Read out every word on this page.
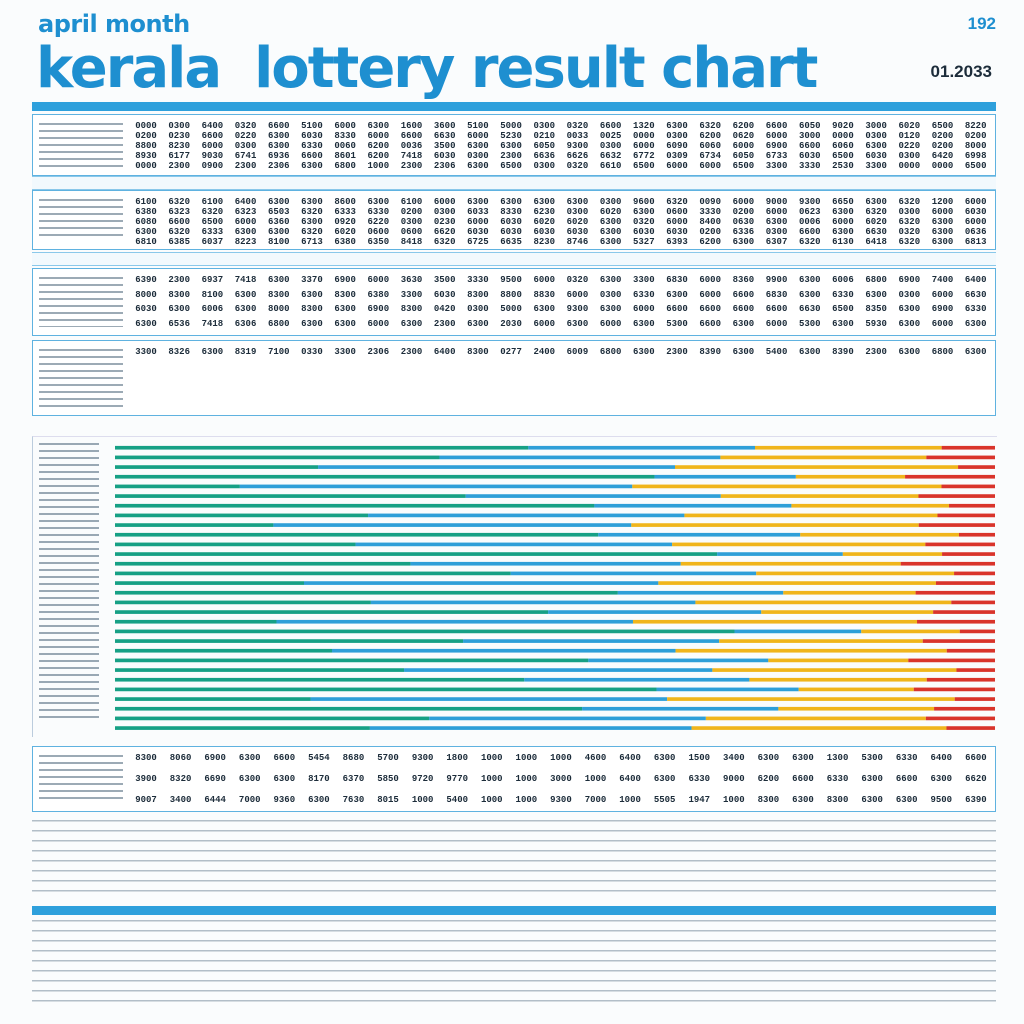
april month
kerala lottery result chart
192
01.2033
0000 0300 6400 0320 6600 5100 6000 6300 1600 3600 5100 5000 0300 0320 6600 1320 6300 6320 6200 6600 6050 9020 3000 6020 6500 8220
0200 0230 6600 0220 6300 6030 8330 6000 6600 6630 6000 5230 0210 0033 0025 0000 0300 6200 0620 6000 3000 0000 0300 0120 0200 0200
8800 8230 6000 0300 6300 6330 0060 6200 0036 3500 6300 6300 6050 9300 0300 6000 6090 6060 6000 6900 6600 6060 6300 0220 0200 8000
8930 6177 9030 6741 6936 6600 8601 6200 7418 6030 0300 2300 6636 6626 6632 6772 0309 6734 6050 6733 6030 6500 6030 0300 6420 6998
0000 2300 0900 2300 2306 6300 6800 1000 2300 2306 6300 6500 0300 0320 6610 6500 6000 6000 6500 3300 3330 2530 3300 0000 0000 6500
6100 6320 6100 6400 6300 6300 8600 6300 6100 6000 6300 6300 6300 6300 0300 9600 6320 0090 6000 9000 9300 6650 6300 6320 1200 6000
6380 6323 6320 6323 6503 6320 6333 6330 0200 0300 6033 8330 6230 0300 6020 6300 0600 3330 0200 6000 0623 6300 6320 0300 6000 6030
6080 6600 6500 6000 6360 6300 0920 6220 0300 0230 6000 6030 6020 6020 6300 0320 6000 8400 0630 6300 0006 6000 6020 6320 6300 6000
6300 6320 6333 6300 6300 6320 6020 0600 0600 6620 6030 6030 6030 6030 6300 6030 6030 0200 6336 0300 6600 6300 6630 0320 6300 0636
6810 6385 6037 8223 8100 6713 6380 6350 8418 6320 6725 6635 8230 8746 6300 5327 6393 6200 6300 6307 6320 6130 6418 6320 6300 6813
6390 2300 6937 7418 6300 3370 6900 6000 3630 3500 3330 9500 6000 0320 6300 3300 6830 6000 8360 9900 6300 6006 6800 6900 7400 6400
8000 8300 8100 6300 8300 6300 8300 6380 3300 6030 8300 8800 8830 6000 0300 6330 6300 6000 6600 6830 6300 6330 6300 0300 6000 6630
6030 6300 6006 6300 8000 8300 6300 6900 8300 0420 0300 5000 6300 9300 6300 6000 6600 6600 6600 6600 6630 6500 8350 6300 6900 6330
6300 6536 7418 6306 6800 6300 6300 6000 6300 2300 6300 2030 6000 6300 6000 6300 5300 6600 6300 6000 5300 6300 5930 6300 6000 6300
3300 8326 6300 8319 7100 0330 3300 2306 2300 6400 8300 0277 2400 6009 6800 6300 2300 8390 6300 5400 6300 8390 2300 6300 6800 6300
8300 8060 6900 6300 6600 5454 8680 5700 9300 1800 1000 1000 1000 4600 6400 6300 1500 3400 6300 6300 1300 5300 6330 6400 6600
3900 8320 6690 6300 6300 8170 6370 5850 9720 9770 1000 1000 3000 1000 6400 6300 6330 9000 6200 6600 6330 6300 6600 6300 6620
9007 3400 6444 7000 9360 6300 7630 8015 1000 5400 1000 1000 9300 7000 1000 5505 1947 1000 8300 6300 8300 6300 6300 9500 6390
